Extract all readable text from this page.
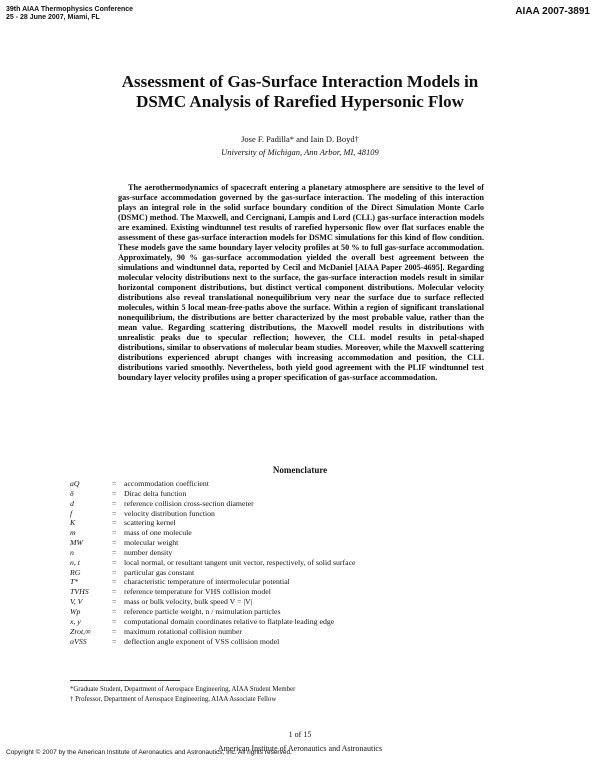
39th AIAA Thermophysics Conference
25 - 28 June 2007, Miami, FL
AIAA 2007-3891
Assessment of Gas-Surface Interaction Models in
DSMC Analysis of Rarefied Hypersonic Flow
Jose F. Padilla* and Iain D. Boyd†
University of Michigan, Ann Arbor, MI, 48109

The aerothermodynamics of spacecraft entering a planetary atmosphere are sensitive to the level of gas-surface accommodation governed by the gas-surface interaction. The modeling of this interaction plays an integral role in the solid surface boundary condition of the Direct Simulation Monte Carlo (DSMC) method. The Maxwell, and Cercignani, Lampis and Lord (CLL) gas-surface interaction models are examined. Existing windtunnel test results of rarefied hypersonic flow over flat surfaces enable the assessment of these gas-surface interaction models for DSMC simulations for this kind of flow condition. These models gave the same boundary layer velocity profiles at 50 % to full gas-surface accommodation. Approximately, 90 % gas-surface accommodation yielded the overall best agreement between the simulations and windtunnel data, reported by Cecil and McDaniel [AIAA Paper 2005-4695]. Regarding molecular velocity distributions next to the surface, the gas-surface interaction models result in similar horizontal component distributions, but distinct vertical component distributions. Molecular velocity distributions also reveal translational nonequilibrium very near the surface due to surface reflected molecules, within 5 local mean-free-paths above the surface. Within a region of significant translational nonequilibrium, the distributions are better characterized by the most probable value, rather than the mean value. Regarding scattering distributions, the Maxwell model results in distributions with unrealistic peaks due to specular reflection; however, the CLL model results in petal-shaped distributions, similar to observations of molecular beam studies. Moreover, while the Maxwell scattering distributions experienced abrupt changes with increasing accommodation and position, the CLL distributions varied smoothly. Nevertheless, both yield good agreement with the PLIF windtunnel test boundary layer velocity profiles using a proper specification of gas-surface accommodation.

Nomenclature
aQ	= accommodation coefficient
δ	= Dirac delta function
d	= reference collision cross-section diameter
f	= velocity distribution function
K	= scattering kernel
m	= mass of one molecule
MW	= molecular weight
n	= number density
n, t	= local normal, or resultant tangent unit vector, respectively, of solid surface
RG	= particular gas constant
T*	= characteristic temperature of intermolecular potential
TVHS	= reference temperature for VHS collision model
V, V	= mass or bulk velocity, bulk speed V = |V|
Wp	= reference particle weight, n / nsimulation particles
x, y	= computational domain coordinates relative to flatplate leading edge
Zrot,∞	= maximum rotational collision number
αVSS	= deflection angle exponent of VSS collision model
*Graduate Student, Department of Aerospace Engineering, AIAA Student Member
† Professor, Department of Aerospace Engineering, AIAA Associate Fellow
1 of 15
American Institute of Aeronautics and Astronautics
Copyright © 2007 by the American Institute of Aeronautics and Astronautics, Inc. All rights reserved.
